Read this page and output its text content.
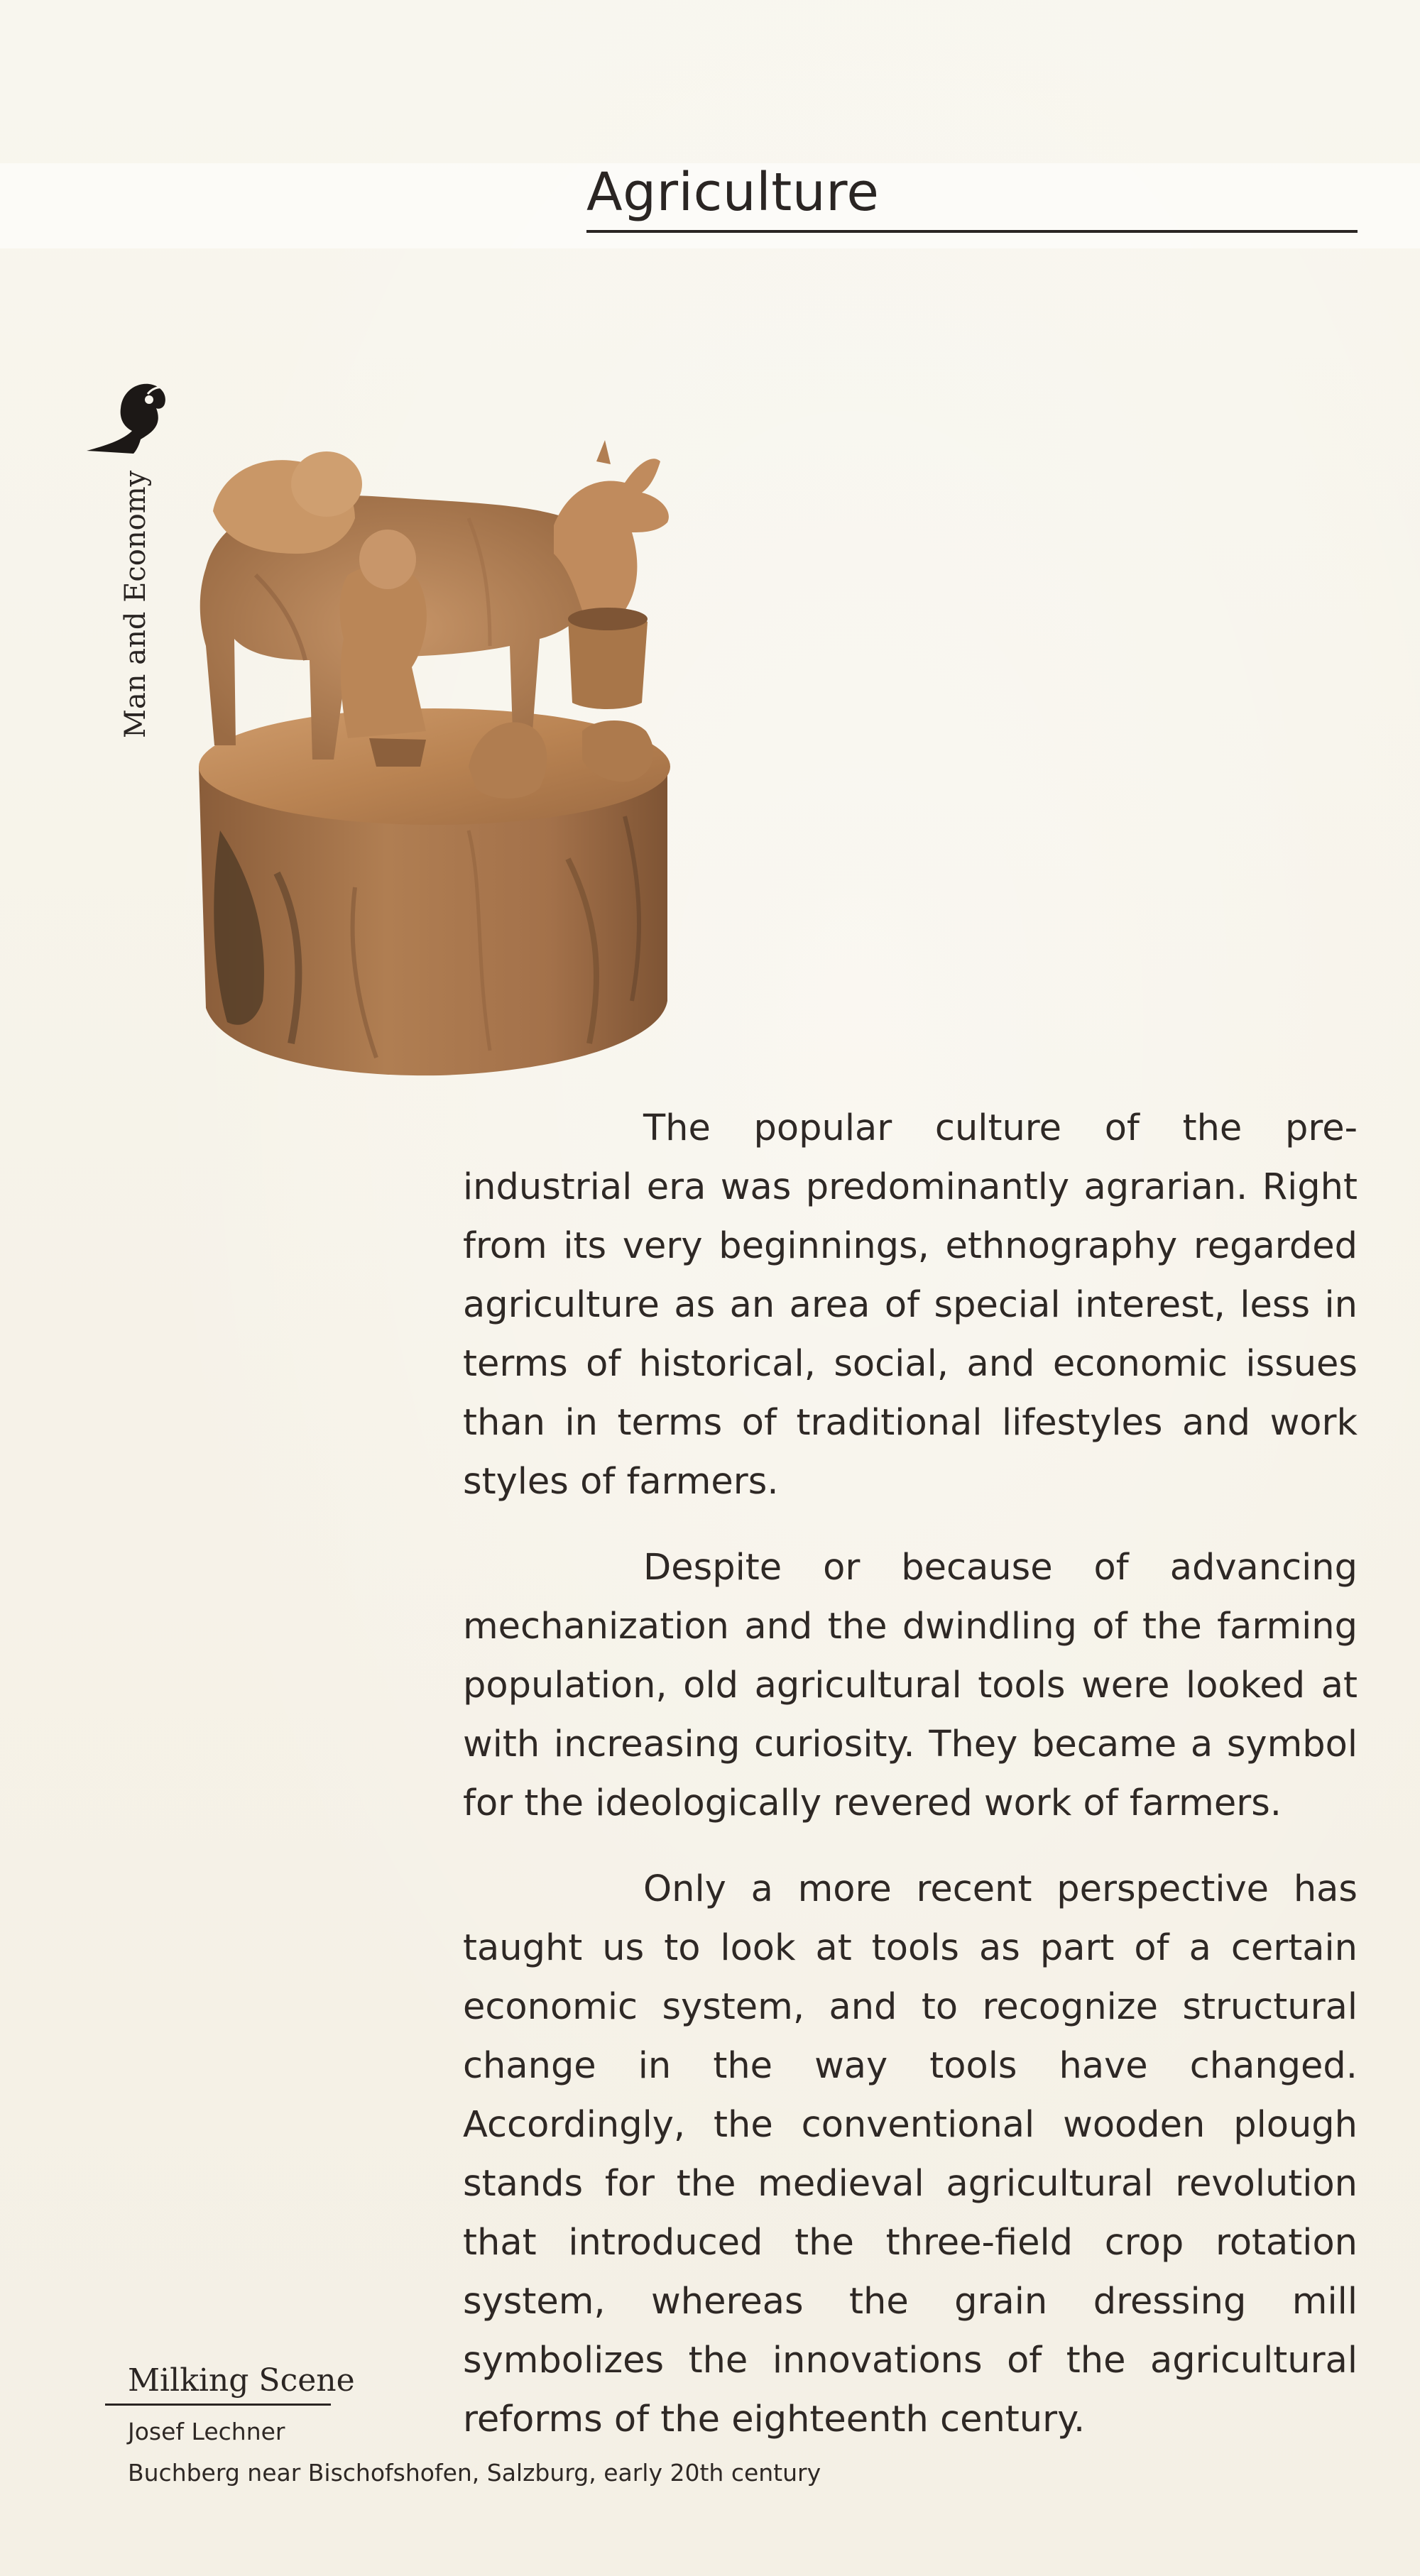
Agriculture
Man and Economy

The popular culture of the pre-industrial era was predominantly agrarian. Right from its very beginnings, ethnography regarded agriculture as an area of special interest, less in terms of historical, social, and economic issues than in terms of traditional lifestyles and work styles of farmers.

Despite or because of advancing mechanization and the dwindling of the farming population, old agricultural tools were looked at with increasing curiosity. They became a symbol for the ideologically revered work of farmers.

Only a more recent perspective has taught us to look at tools as part of a certain economic system, and to recognize structural change in the way tools have changed. Accordingly, the conventional wooden plough stands for the medieval agricultural revolution that introduced the three-field crop rotation system, whereas the grain dressing mill symbolizes the innovations of the agricultural reforms of the eighteenth century.

Milking Scene
Josef Lechner
Buchberg near Bischofshofen, Salzburg, early 20th century
